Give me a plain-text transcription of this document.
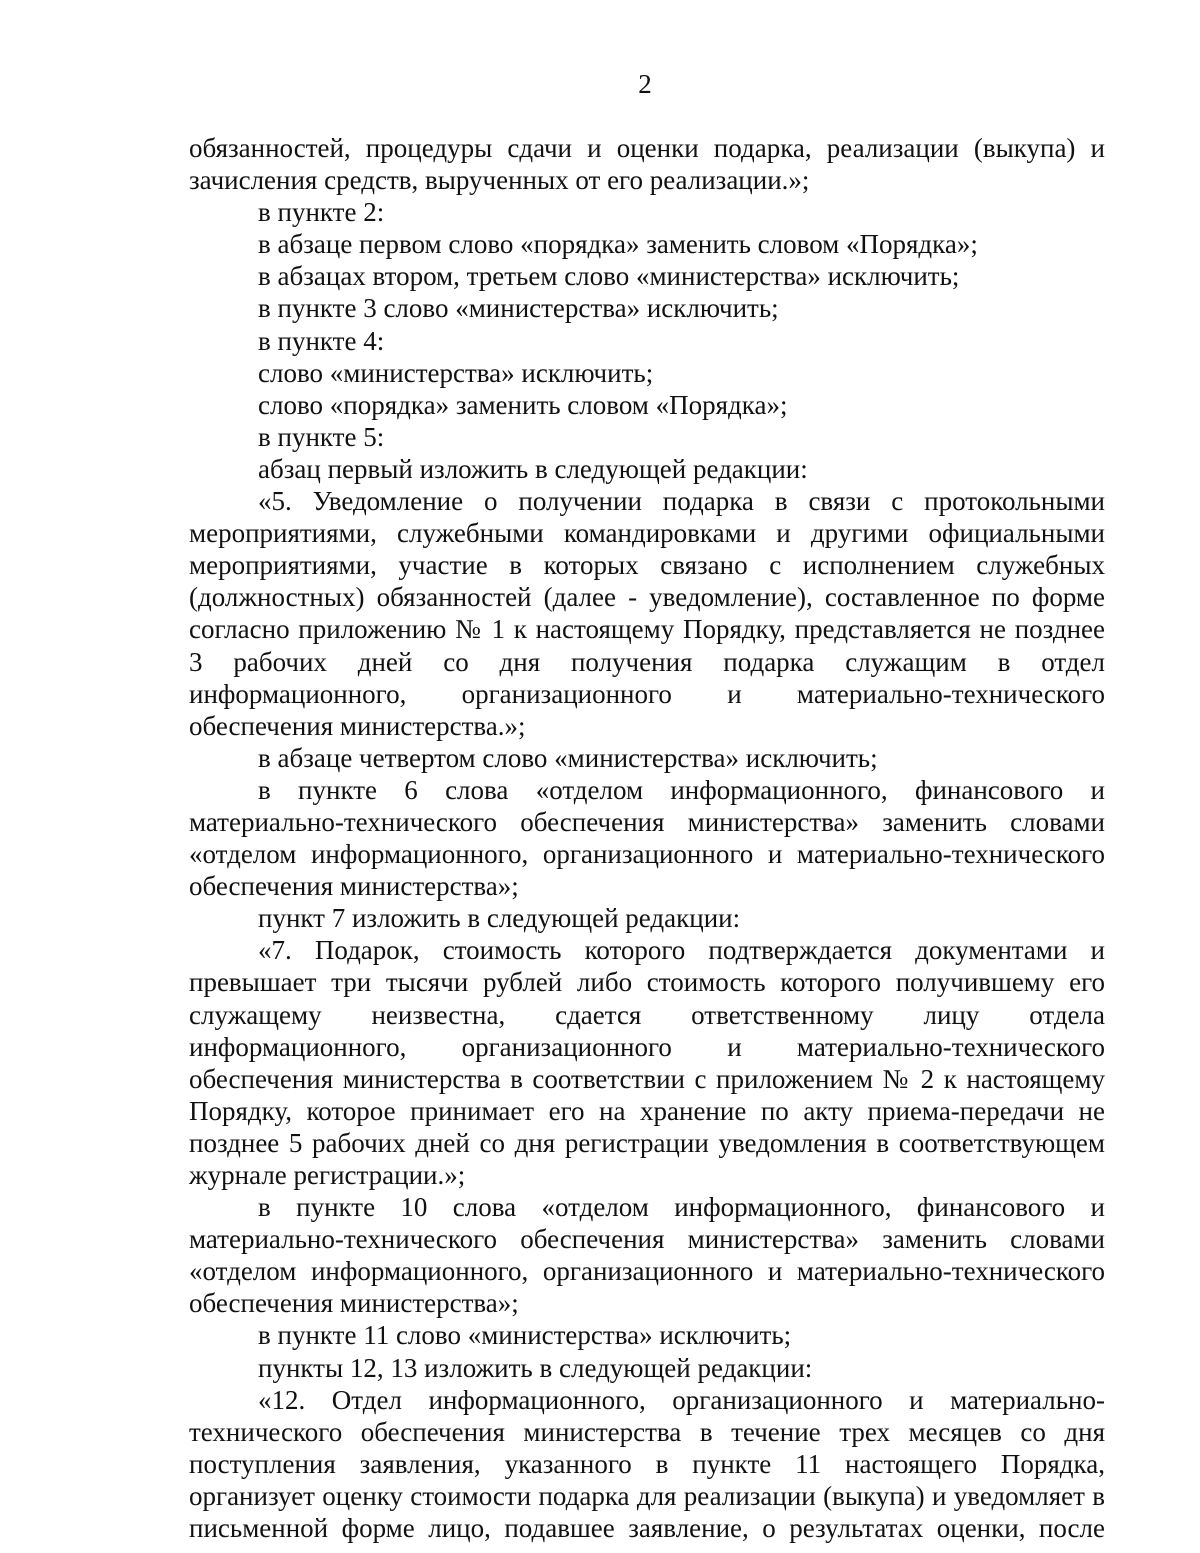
2

обязанностей, процедуры сдачи и оценки подарка, реализации (выкупа) и зачисления средств, вырученных от его реализации.»;

в пункте 2:

в абзаце первом слово «порядка» заменить словом «Порядка»;

в абзацах втором, третьем слово «министерства» исключить;

в пункте 3 слово «министерства» исключить;

в пункте 4:

слово «министерства» исключить;

слово «порядка» заменить словом «Порядка»;

в пункте 5:

абзац первый изложить в следующей редакции:

«5. Уведомление о получении подарка в связи с протокольными мероприятиями, служебными командировками и другими официальными мероприятиями, участие в которых связано с исполнением служебных (должностных) обязанностей (далее - уведомление), составленное по форме согласно приложению № 1 к настоящему Порядку, представляется не позднее 3 рабочих дней со дня получения подарка служащим в отдел информационного, организационного и материально-технического обеспечения министерства.»;

в абзаце четвертом слово «министерства» исключить;

в пункте 6 слова «отделом информационного, финансового и материально-технического обеспечения министерства» заменить словами «отделом информационного, организационного и материально-технического обеспечения министерства»;

пункт 7 изложить в следующей редакции:

«7. Подарок, стоимость которого подтверждается документами и превышает три тысячи рублей либо стоимость которого получившему его служащему неизвестна, сдается ответственному лицу отдела информационного, организационного и материально-технического обеспечения министерства в соответствии с приложением № 2 к настоящему Порядку, которое принимает его на хранение по акту приема-передачи не позднее 5 рабочих дней со дня регистрации уведомления в соответствующем журнале регистрации.»;

в пункте 10 слова «отделом информационного, финансового и материально-технического обеспечения министерства» заменить словами «отделом информационного, организационного и материально-технического обеспечения министерства»;

в пункте 11 слово «министерства» исключить;

пункты 12, 13 изложить в следующей редакции:

«12. Отдел информационного, организационного и материально-технического обеспечения министерства в течение трех месяцев со дня поступления заявления, указанного в пункте 11 настоящего Порядка, организует оценку стоимости подарка для реализации (выкупа) и уведомляет в письменной форме лицо, подавшее заявление, о результатах оценки, после
